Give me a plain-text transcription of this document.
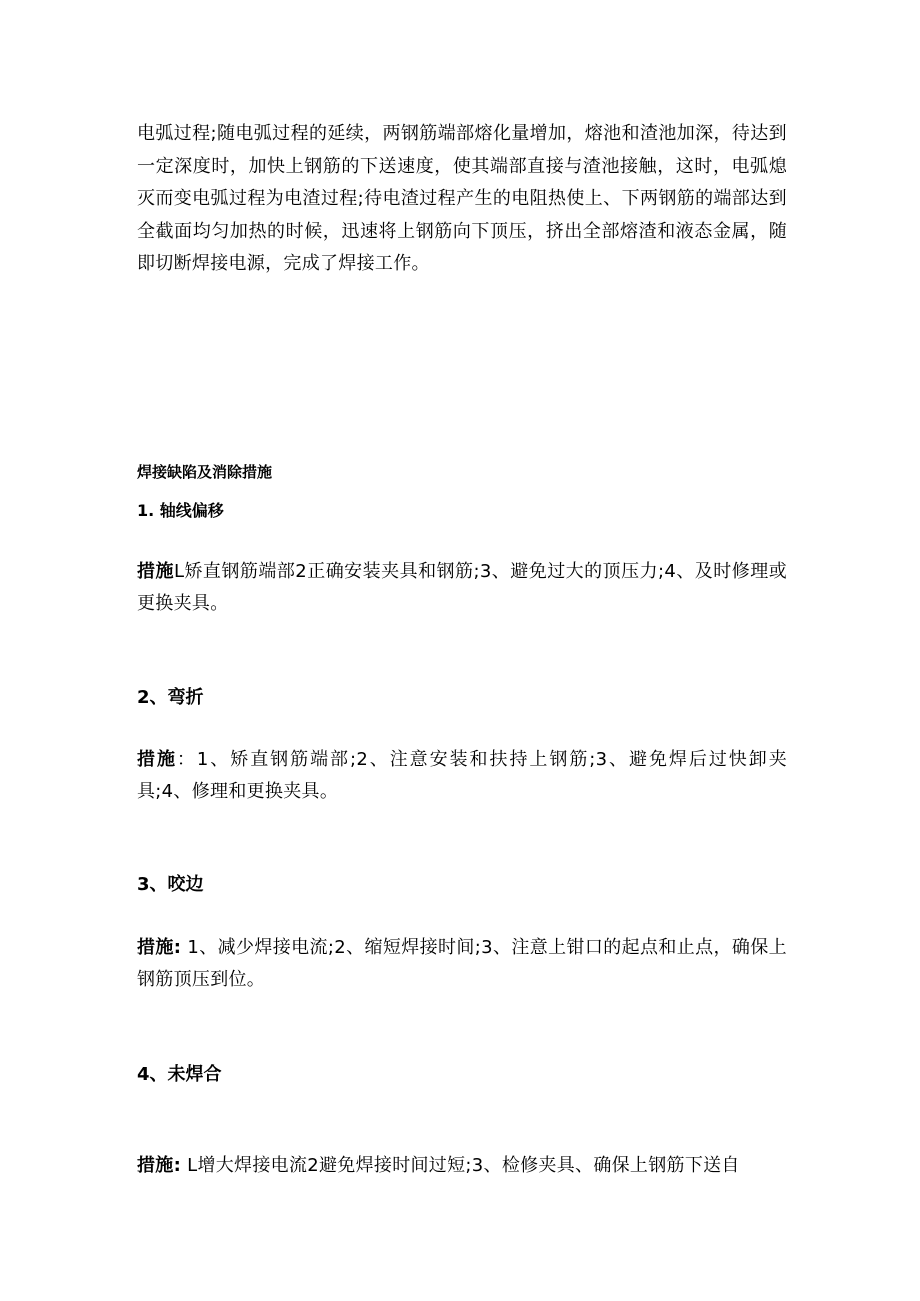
电弧过程;随电弧过程的延续，两钢筋端部熔化量增加，熔池和渣池加深，待达到一定深度时，加快上钢筋的下送速度，使其端部直接与渣池接触，这时，电弧熄灭而变电弧过程为电渣过程;待电渣过程产生的电阻热使上、下两钢筋的端部达到全截面均匀加热的时候，迅速将上钢筋向下顶压，挤出全部熔渣和液态金属，随即切断焊接电源，完成了焊接工作。

焊接缺陷及消除措施
1. 轴线偏移

措施L矫直钢筋端部2正确安装夹具和钢筋;3、避免过大的顶压力;4、及时修理或更换夹具。

2、弯折

措施：1、矫直钢筋端部;2、注意安装和扶持上钢筋;3、避免焊后过快卸夹具;4、修理和更换夹具。

3、咬边

措施: 1、减少焊接电流;2、缩短焊接时间;3、注意上钳口的起点和止点，确保上钢筋顶压到位。

4、未焊合

措施: L增大焊接电流2避免焊接时间过短;3、检修夹具、确保上钢筋下送自
